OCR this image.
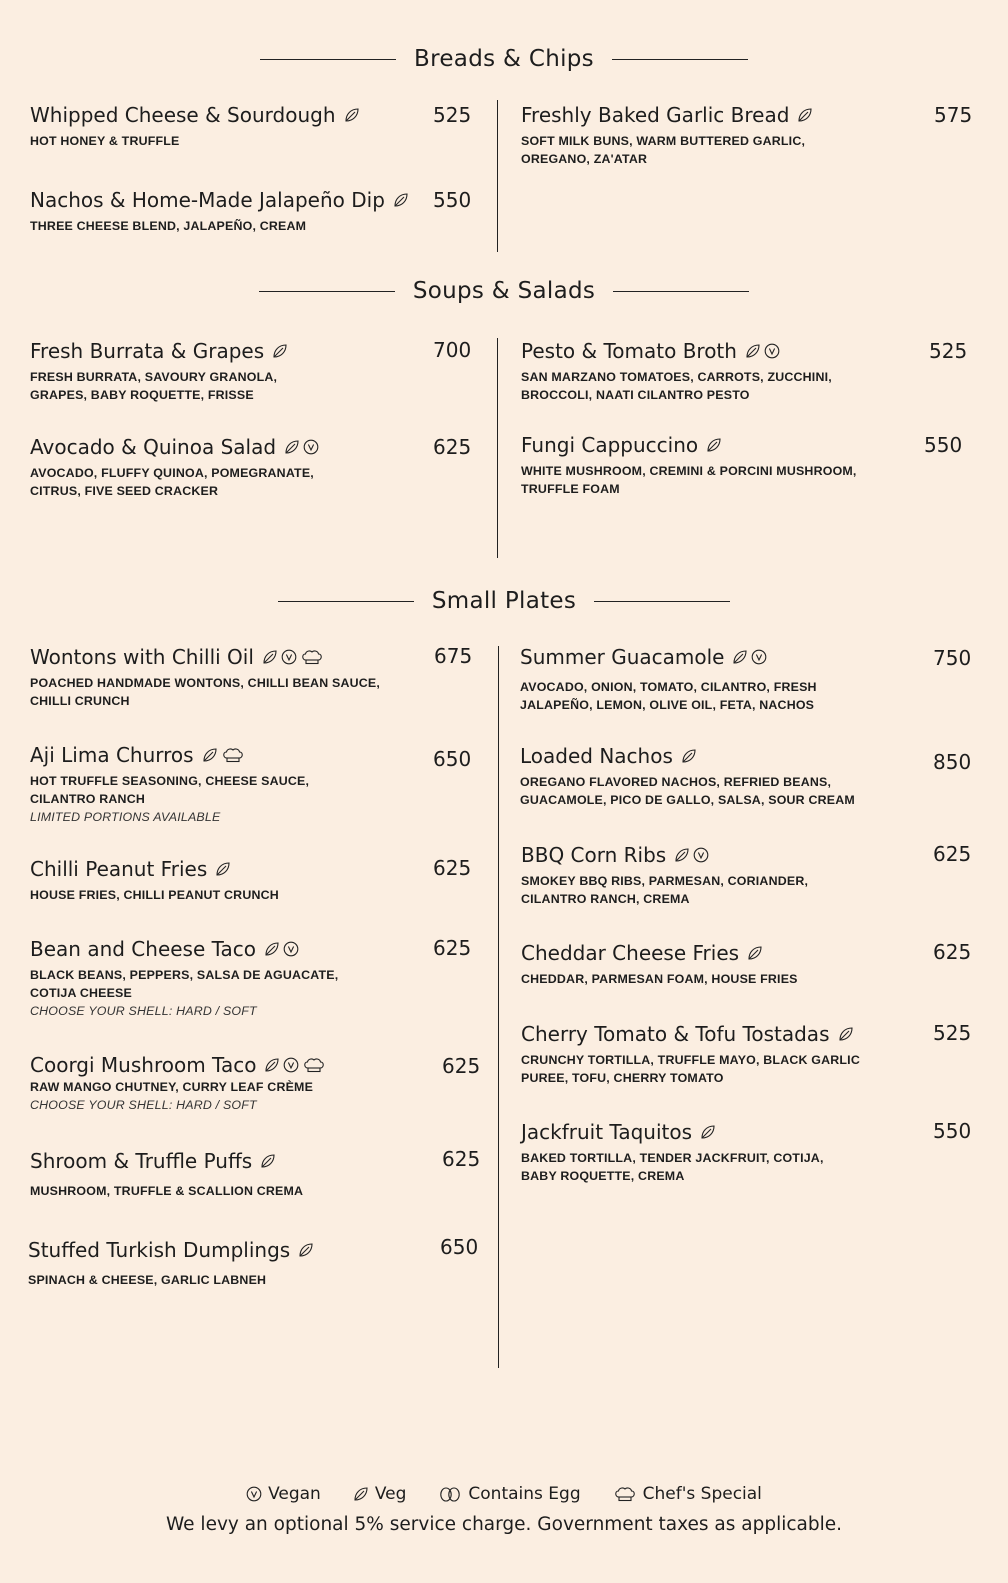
Breads & Chips
Whipped Cheese & Sourdough
HOT HONEY & TRUFFLE
525
Nachos & Home-Made Jalapeño Dip
THREE CHEESE BLEND, JALAPEÑO, CREAM
550
Freshly Baked Garlic Bread
SOFT MILK BUNS, WARM BUTTERED GARLIC,
OREGANO, ZA'ATAR
575
Soups & Salads
Fresh Burrata & Grapes
FRESH BURRATA, SAVOURY GRANOLA,
GRAPES, BABY ROQUETTE, FRISSE
700
Avocado & Quinoa Salad
AVOCADO, FLUFFY QUINOA, POMEGRANATE,
CITRUS, FIVE SEED CRACKER
625
Pesto & Tomato Broth
SAN MARZANO TOMATOES, CARROTS, ZUCCHINI,
BROCCOLI, NAATI CILANTRO PESTO
525
Fungi Cappuccino
WHITE MUSHROOM, CREMINI & PORCINI MUSHROOM,
TRUFFLE FOAM
550
Small Plates
Wontons with Chilli Oil
POACHED HANDMADE WONTONS, CHILLI BEAN SAUCE,
CHILLI CRUNCH
675
Aji Lima Churros
HOT TRUFFLE SEASONING, CHEESE SAUCE,
CILANTRO RANCH
LIMITED PORTIONS AVAILABLE
650
Chilli Peanut Fries
HOUSE FRIES, CHILLI PEANUT CRUNCH
625
Bean and Cheese Taco
BLACK BEANS, PEPPERS, SALSA DE AGUACATE,
COTIJA CHEESE
CHOOSE YOUR SHELL: HARD / SOFT
625
Coorgi Mushroom Taco
RAW MANGO CHUTNEY, CURRY LEAF CRÈME
CHOOSE YOUR SHELL: HARD / SOFT
625
Shroom & Truffle Puffs
MUSHROOM, TRUFFLE & SCALLION CREMA
625
Stuffed Turkish Dumplings
SPINACH & CHEESE, GARLIC LABNEH
650
Summer Guacamole
AVOCADO, ONION, TOMATO, CILANTRO, FRESH
JALAPEÑO, LEMON, OLIVE OIL, FETA, NACHOS
750
Loaded Nachos
OREGANO FLAVORED NACHOS, REFRIED BEANS,
GUACAMOLE, PICO DE GALLO, SALSA, SOUR CREAM
850
BBQ Corn Ribs
SMOKEY BBQ RIBS, PARMESAN, CORIANDER,
CILANTRO RANCH, CREMA
625
Cheddar Cheese Fries
CHEDDAR, PARMESAN FOAM, HOUSE FRIES
625
Cherry Tomato & Tofu Tostadas
CRUNCHY TORTILLA, TRUFFLE MAYO, BLACK GARLIC
PUREE, TOFU, CHERRY TOMATO
525
Jackfruit Taquitos
BAKED TORTILLA, TENDER JACKFRUIT, COTIJA,
BABY ROQUETTE, CREMA
550
Vegan	Veg	Contains Egg	Chef's Special
We levy an optional 5% service charge. Government taxes as applicable.
